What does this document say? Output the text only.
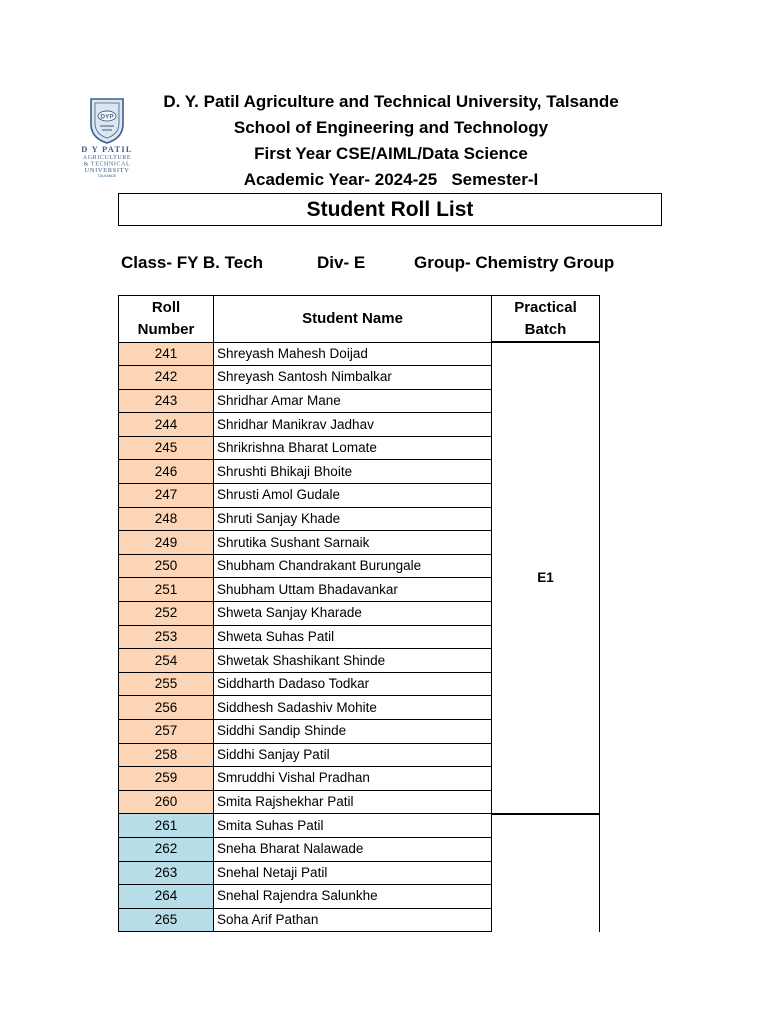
DYP
D Y PATIL
AGRICULTURE
& TECHNICAL
UNIVERSITY
TALSANDE
D. Y. Patil Agriculture and Technical University, Talsande
School of Engineering and Technology
First Year CSE/AIML/Data Science
Academic Year- 2024-25   Semester-I
Student Roll List
Class- FY B. Tech	Div- E	Group- Chemistry Group
Roll Number	Student Name	Practical Batch
241	Shreyash Mahesh Doijad	E1
242	Shreyash Santosh Nimbalkar	
243	Shridhar Amar Mane	
244	Shridhar Manikrav Jadhav	
245	Shrikrishna Bharat Lomate	
246	Shrushti Bhikaji Bhoite	
247	Shrusti Amol Gudale	
248	Shruti Sanjay Khade	
249	Shrutika Sushant Sarnaik	
250	Shubham Chandrakant Burungale	
251	Shubham Uttam Bhadavankar	
252	Shweta Sanjay Kharade	
253	Shweta Suhas Patil	
254	Shwetak Shashikant Shinde	
255	Siddharth Dadaso Todkar	
256	Siddhesh Sadashiv Mohite	
257	Siddhi Sandip Shinde	
258	Siddhi Sanjay Patil	
259	Smruddhi Vishal Pradhan	
260	Smita Rajshekhar Patil	
261	Smita Suhas Patil	
262	Sneha Bharat Nalawade	
263	Snehal Netaji Patil	
264	Snehal Rajendra Salunkhe	
265	Soha Arif Pathan	
